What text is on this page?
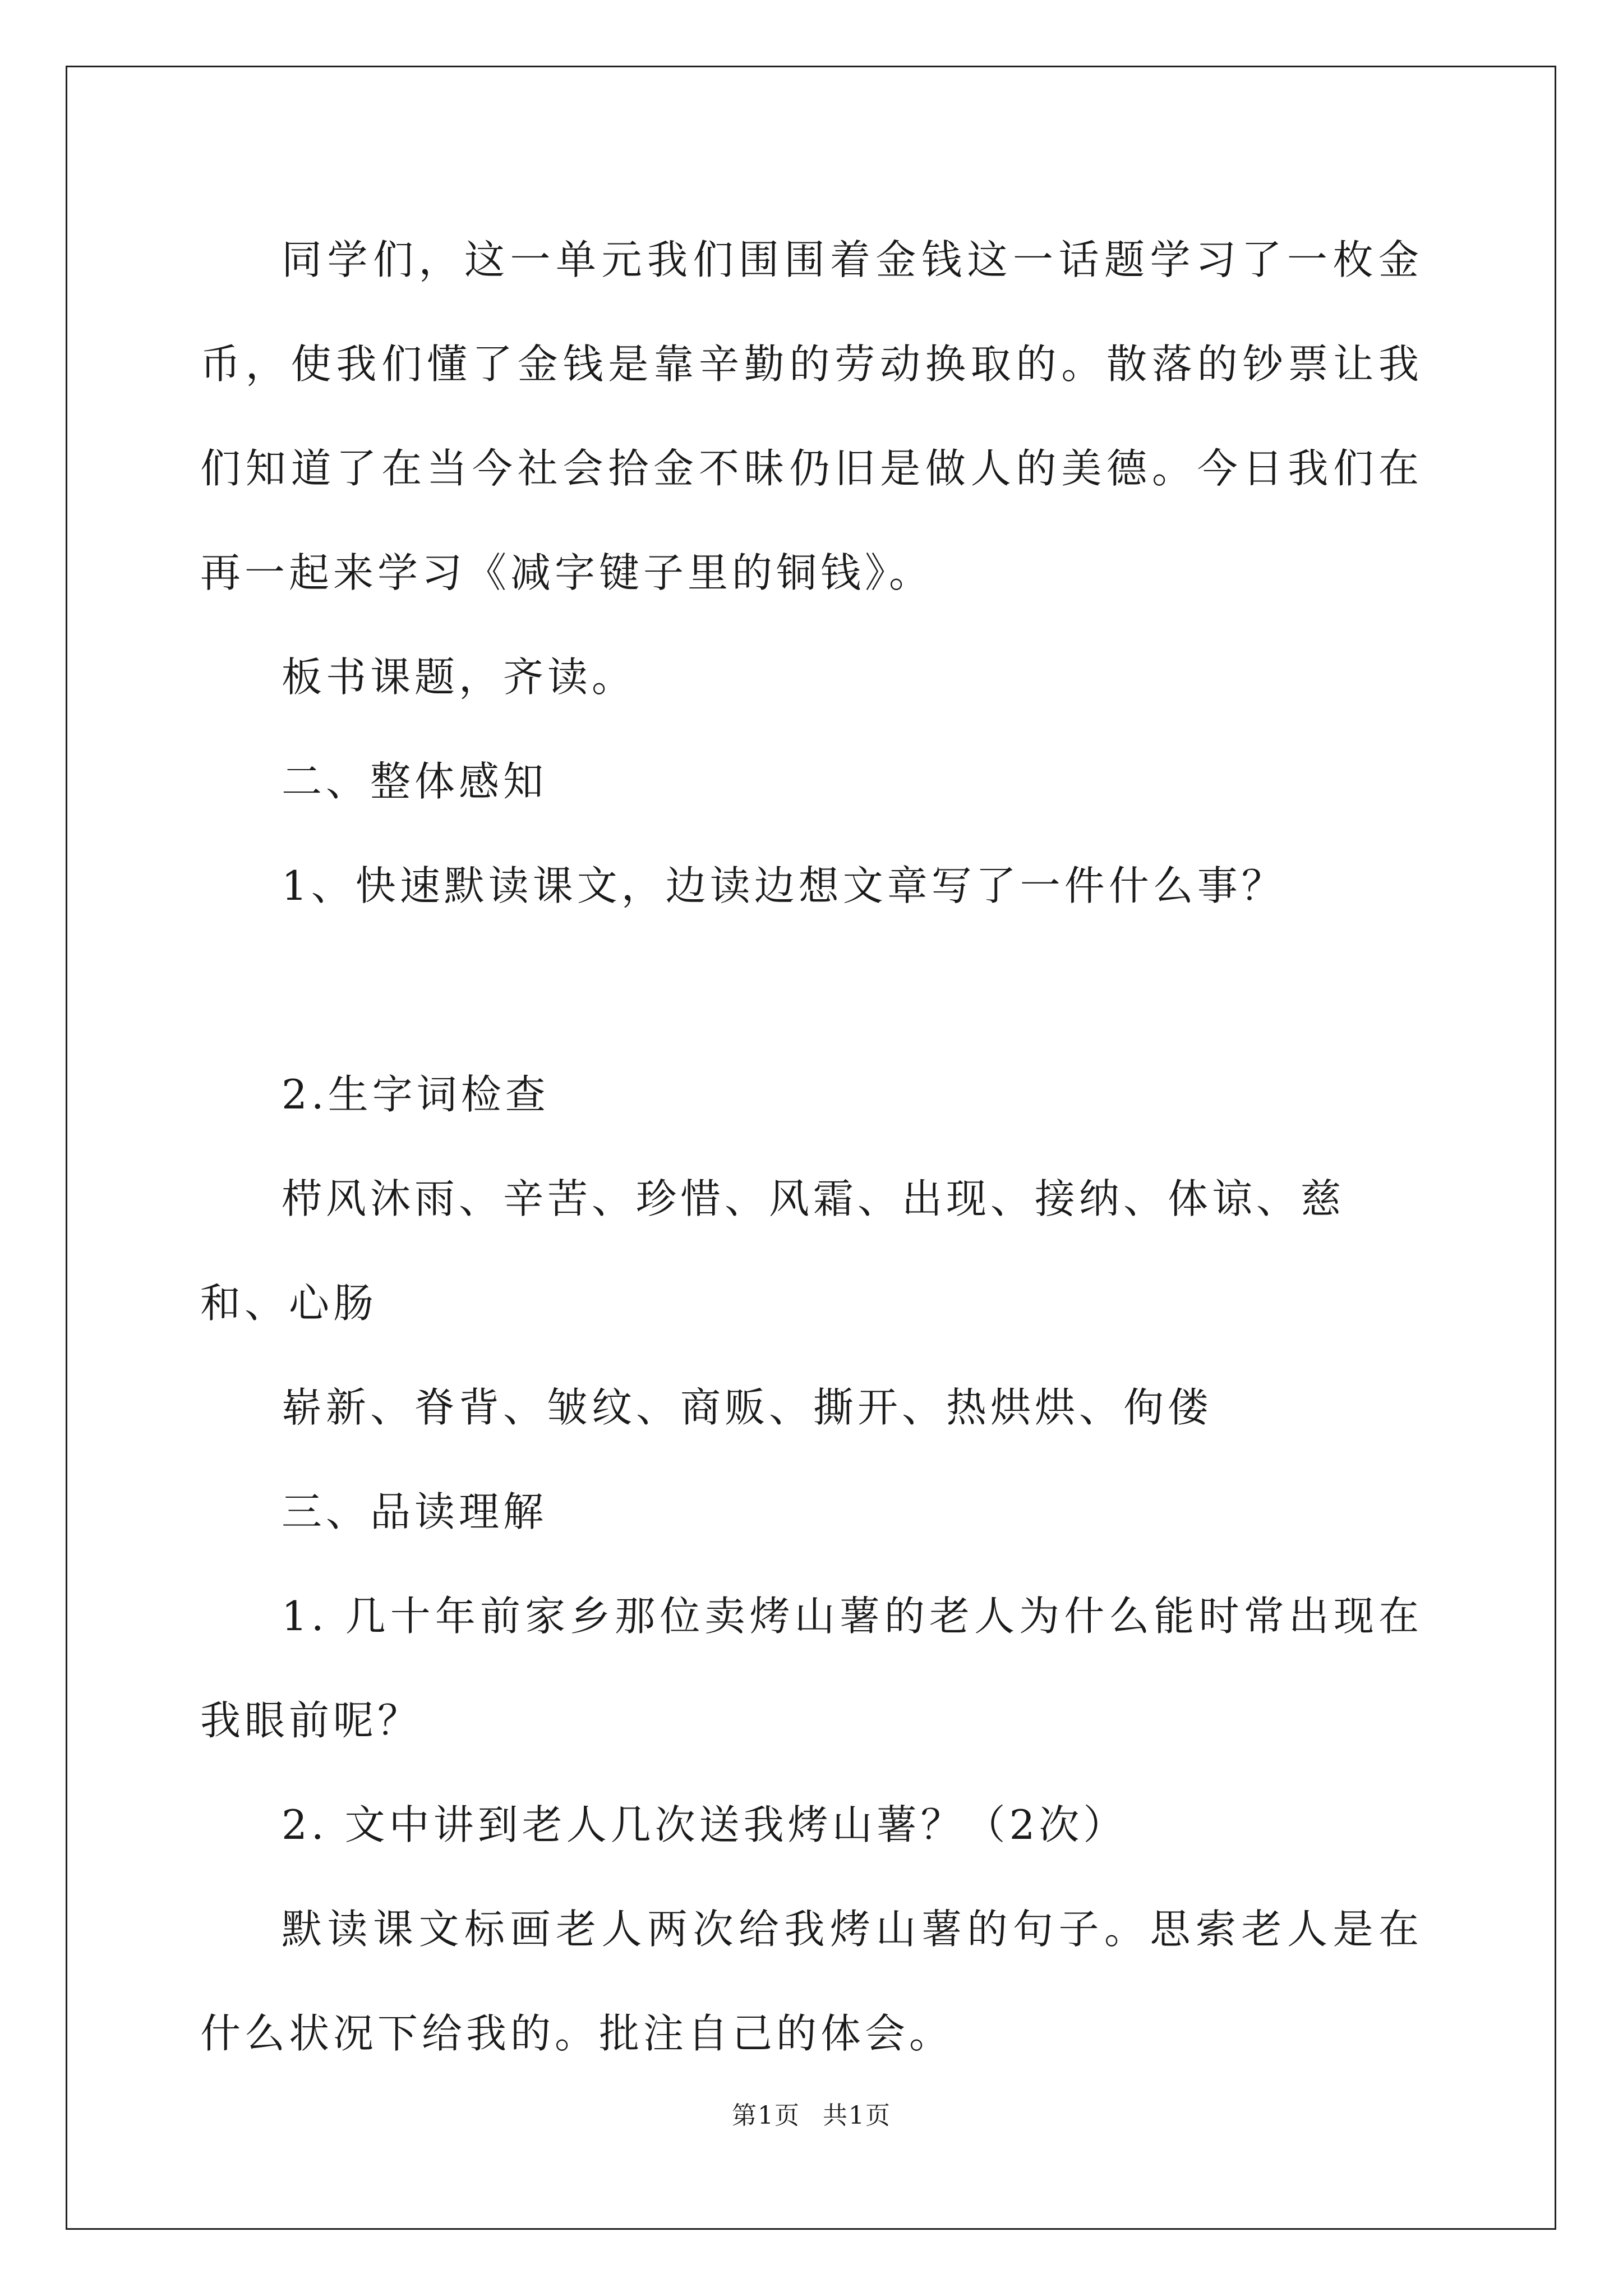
同学们，这一单元我们围围着金钱这一话题学习了一枚金币，使我们懂了金钱是靠辛勤的劳动换取的。散落的钞票让我们知道了在当今社会拾金不昧仍旧是做人的美德。今日我们在再一起来学习《减字键子里的铜钱》。

板书课题，齐读。

二、整体感知

1、快速默读课文，边读边想文章写了一件什么事？

2.生字词检查

栉风沐雨、辛苦、珍惜、风霜、出现、接纳、体谅、慈和、心肠

崭新、脊背、皱纹、商贩、撕开、热烘烘、佝偻

三、品读理解

1. 几十年前家乡那位卖烤山薯的老人为什么能时常出现在我眼前呢？

2. 文中讲到老人几次送我烤山薯？（2次）

默读课文标画老人两次给我烤山薯的句子。思索老人是在什么状况下给我的。批注自己的体会。

第1页 共1页
